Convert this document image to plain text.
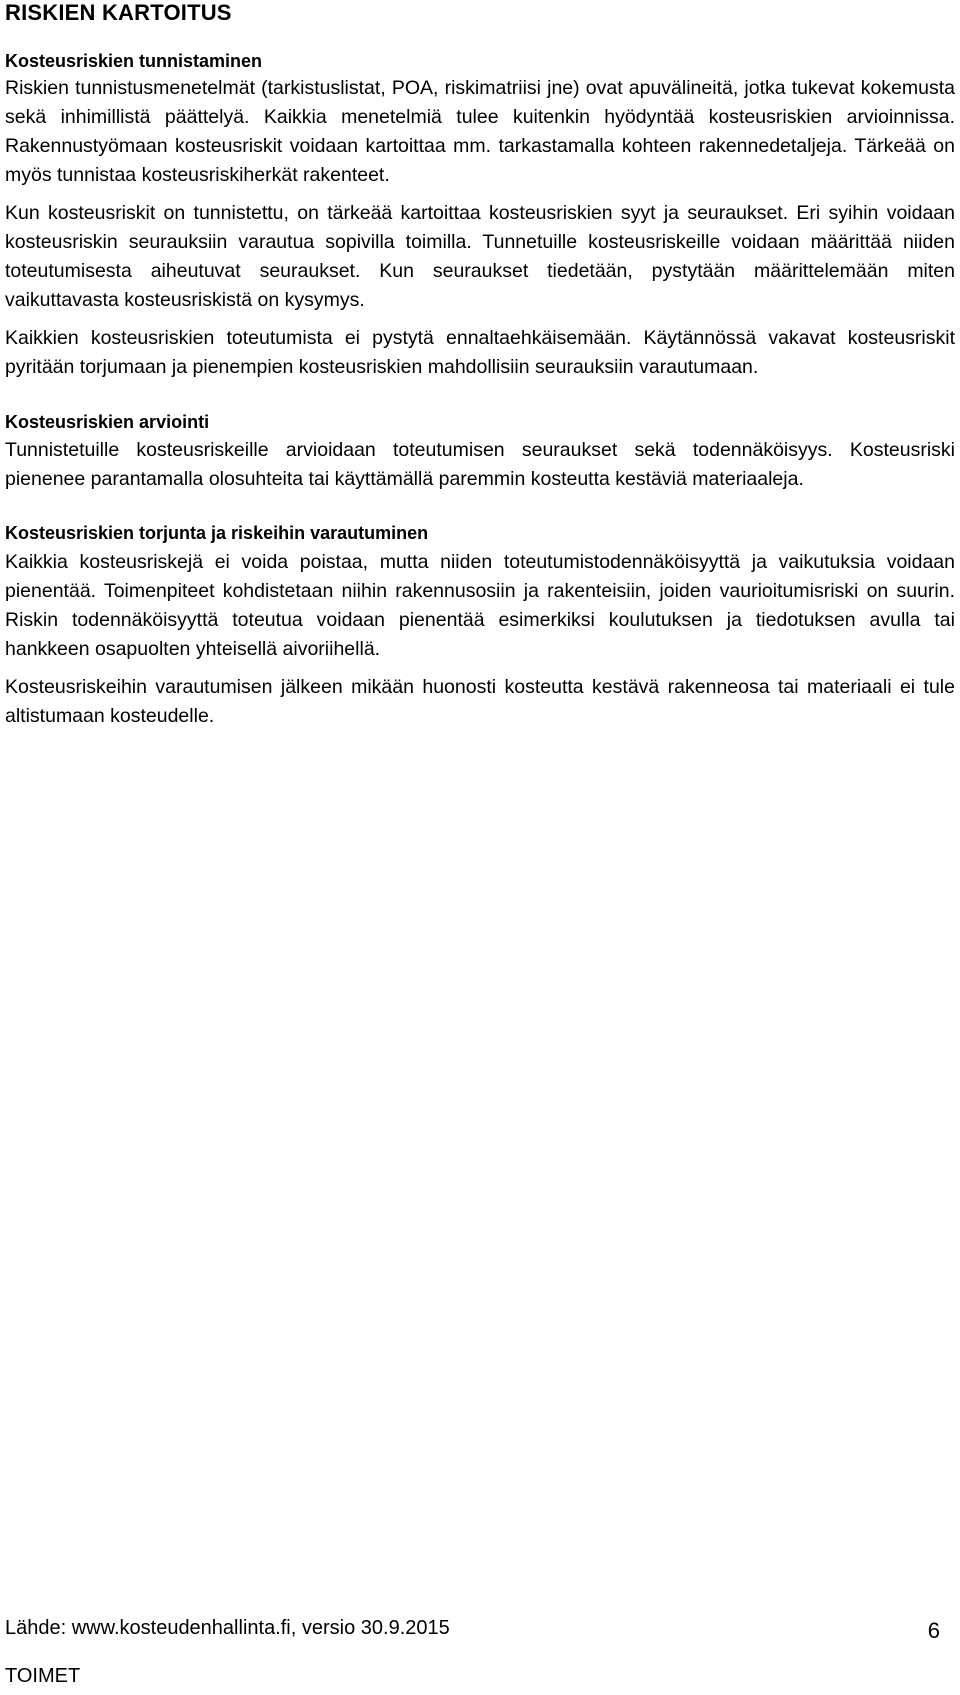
RISKIEN KARTOITUS
Kosteusriskien tunnistaminen

Riskien tunnistusmenetelmät (tarkistuslistat, POA, riskimatriisi jne) ovat apuvälineitä, jotka tukevat kokemusta sekä inhimillistä päättelyä. Kaikkia menetelmiä tulee kuitenkin hyödyntää kosteusriskien arvioinnissa. Rakennustyömaan kosteusriskit voidaan kartoittaa mm. tarkastamalla kohteen rakennedetaljeja. Tärkeää on myös tunnistaa kosteusriskiherkät rakenteet.

Kun kosteusriskit on tunnistettu, on tärkeää kartoittaa kosteusriskien syyt ja seuraukset. Eri syihin voidaan kosteusriskin seurauksiin varautua sopivilla toimilla. Tunnetuille kosteusriskeille voidaan määrittää niiden toteutumisesta aiheutuvat seuraukset. Kun seuraukset tiedetään, pystytään määrittelemään miten vaikuttavasta kosteusriskistä on kysymys.

Kaikkien kosteusriskien toteutumista ei pystytä ennaltaehkäisemään. Käytännössä vakavat kosteusriskit pyritään torjumaan ja pienempien kosteusriskien mahdollisiin seurauksiin varautumaan.

Kosteusriskien arviointi

Tunnistetuille kosteusriskeille arvioidaan toteutumisen seuraukset sekä todennäköisyys. Kosteusriski pienenee parantamalla olosuhteita tai käyttämällä paremmin kosteutta kestäviä materiaaleja.

Kosteusriskien torjunta ja riskeihin varautuminen

Kaikkia kosteusriskejä ei voida poistaa, mutta niiden toteutumistodennäköisyyttä ja vaikutuksia voidaan pienentää. Toimenpiteet kohdistetaan niihin rakennusosiin ja rakenteisiin, joiden vaurioitumisriski on suurin. Riskin todennäköisyyttä toteutua voidaan pienentää esimerkiksi koulutuksen ja tiedotuksen avulla tai hankkeen osapuolten yhteisellä aivoriihellä.

Kosteusriskeihin varautumisen jälkeen mikään huonosti kosteutta kestävä rakenneosa tai materiaali ei tule altistumaan kosteudelle.

Lähde: www.kosteudenhallinta.fi, versio 30.9.2015	6
TOIMET
